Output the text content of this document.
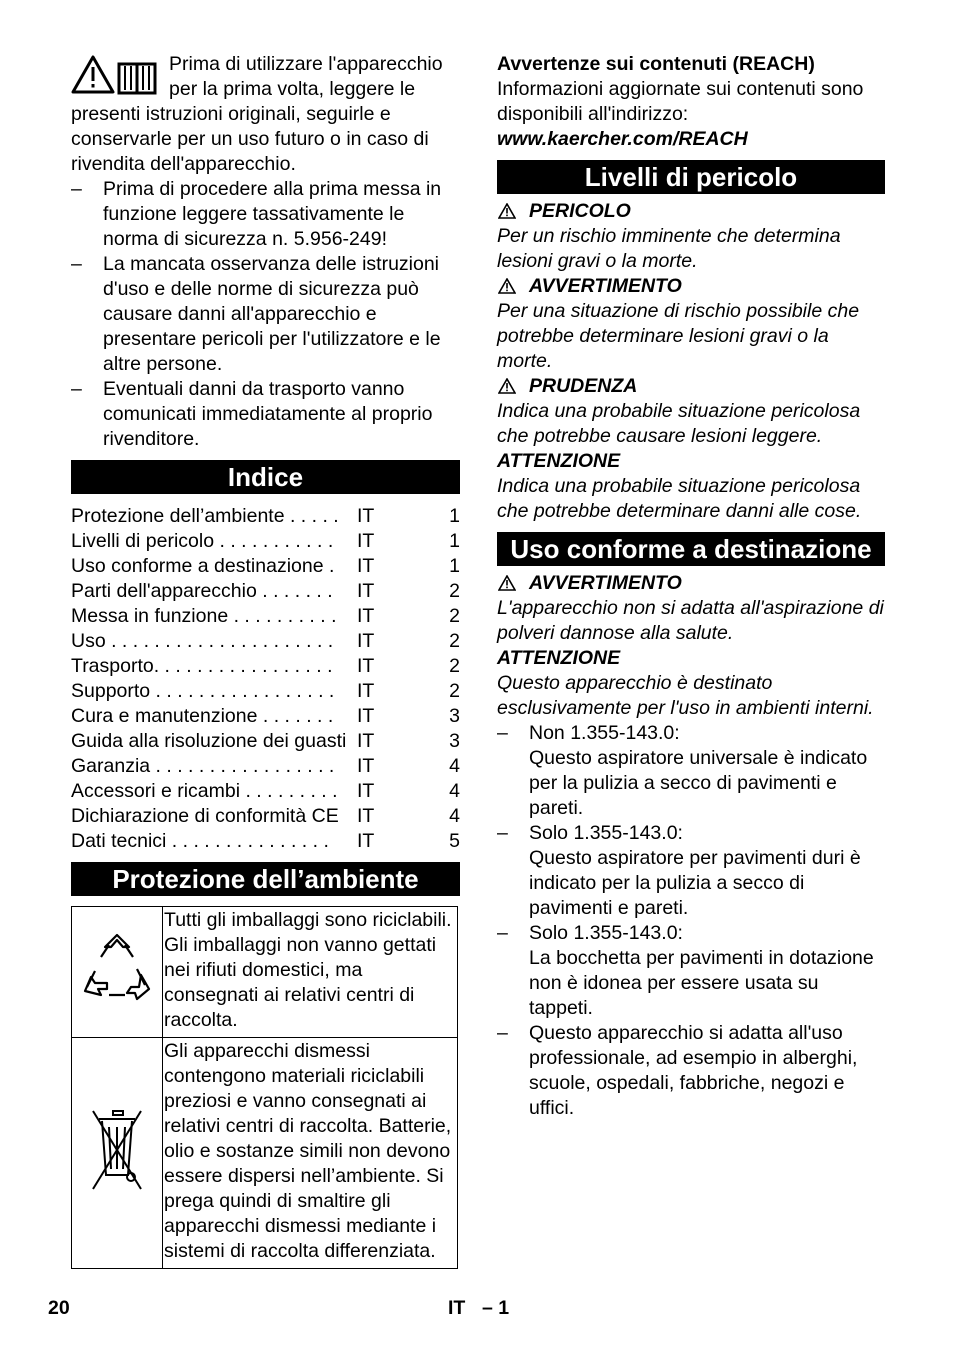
Prima di utilizzare l'apparecchio per la prima volta, leggere le presenti istruzioni originali, seguirle e conservarle per un uso futuro o in caso di rivendita dell'apparecchio.

– Prima di procedere alla prima messa in funzione leggere tassativamente le norma di sicurezza n. 5.956-249!

– La mancata osservanza delle istruzioni d'uso e delle norme di sicurezza può causare danni all'apparecchio e presentare pericoli per l'utilizzatore e le altre persone.

– Eventuali danni da trasporto vanno comunicati immediatamente al proprio rivenditore.

Indice
Protezione dell’ambiente . . . . . IT	1
Livelli di pericolo . . . . . . . . . . .	IT	1
Uso conforme a destinazione .	IT	1
Parti dell'apparecchio . . . . . . .	IT	2
Messa in funzione . . . . . . . . . .	IT	2
Uso . . . . . . . . . . . . . . . . . . . . .	IT	2
Trasporto. . . . . . . . . . . . . . . . .	IT	2
Supporto . . . . . . . . . . . . . . . . .	IT	2
Cura e manutenzione . . . . . . .	IT	3
Guida alla risoluzione dei guasti IT	3
Garanzia . . . . . . . . . . . . . . . . .	IT	4
Accessori e ricambi . . . . . . . . . IT	4
Dichiarazione di conformità CE IT	4
Dati tecnici . . . . . . . . . . . . . . .	IT	5
Protezione dell’ambiente
	Tutti gli imballaggi sono riciclabili. Gli imballaggi non vanno gettati nei rifiuti domestici, ma consegnati ai relativi centri di raccolta.
	Gli apparecchi dismessi contengono materiali riciclabili preziosi e vanno consegnati ai relativi centri di raccolta. Batterie, olio e sostanze simili non devono essere dispersi nell’ambiente. Si prega quindi di smaltire gli apparecchi dismessi mediante i sistemi di raccolta differenziata.

Avvertenze sui contenuti (REACH)

Informazioni aggiornate sui contenuti sono disponibili all'indirizzo:

www.kaercher.com/REACH

Livelli di pericolo

PERICOLO

Per un rischio imminente che determina lesioni gravi o la morte.

AVVERTIMENTO

Per una situazione di rischio possibile che potrebbe determinare lesioni gravi o la morte.

PRUDENZA

Indica una probabile situazione pericolosa che potrebbe causare lesioni leggere.

ATTENZIONE

Indica una probabile situazione pericolosa che potrebbe determinare danni alle cose.

Uso conforme a destinazione

AVVERTIMENTO

L'apparecchio non si adatta all'aspirazione di polveri dannose alla salute.

ATTENZIONE

Questo apparecchio è destinato esclusivamente per l'uso in ambienti interni.

– Non 1.355-143.0:
Questo aspiratore universale è indicato per la pulizia a secco di pavimenti e pareti.
– Solo 1.355-143.0:
Questo aspiratore per pavimenti duri è indicato per la pulizia a secco di pavimenti e pareti.
– Solo 1.355-143.0:
La bocchetta per pavimenti in dotazione non è idonea per essere usata su tappeti.
– Questo apparecchio si adatta all'uso professionale, ad esempio in alberghi, scuole, ospedali, fabbriche, negozi e uffici.
20	IT – 1
